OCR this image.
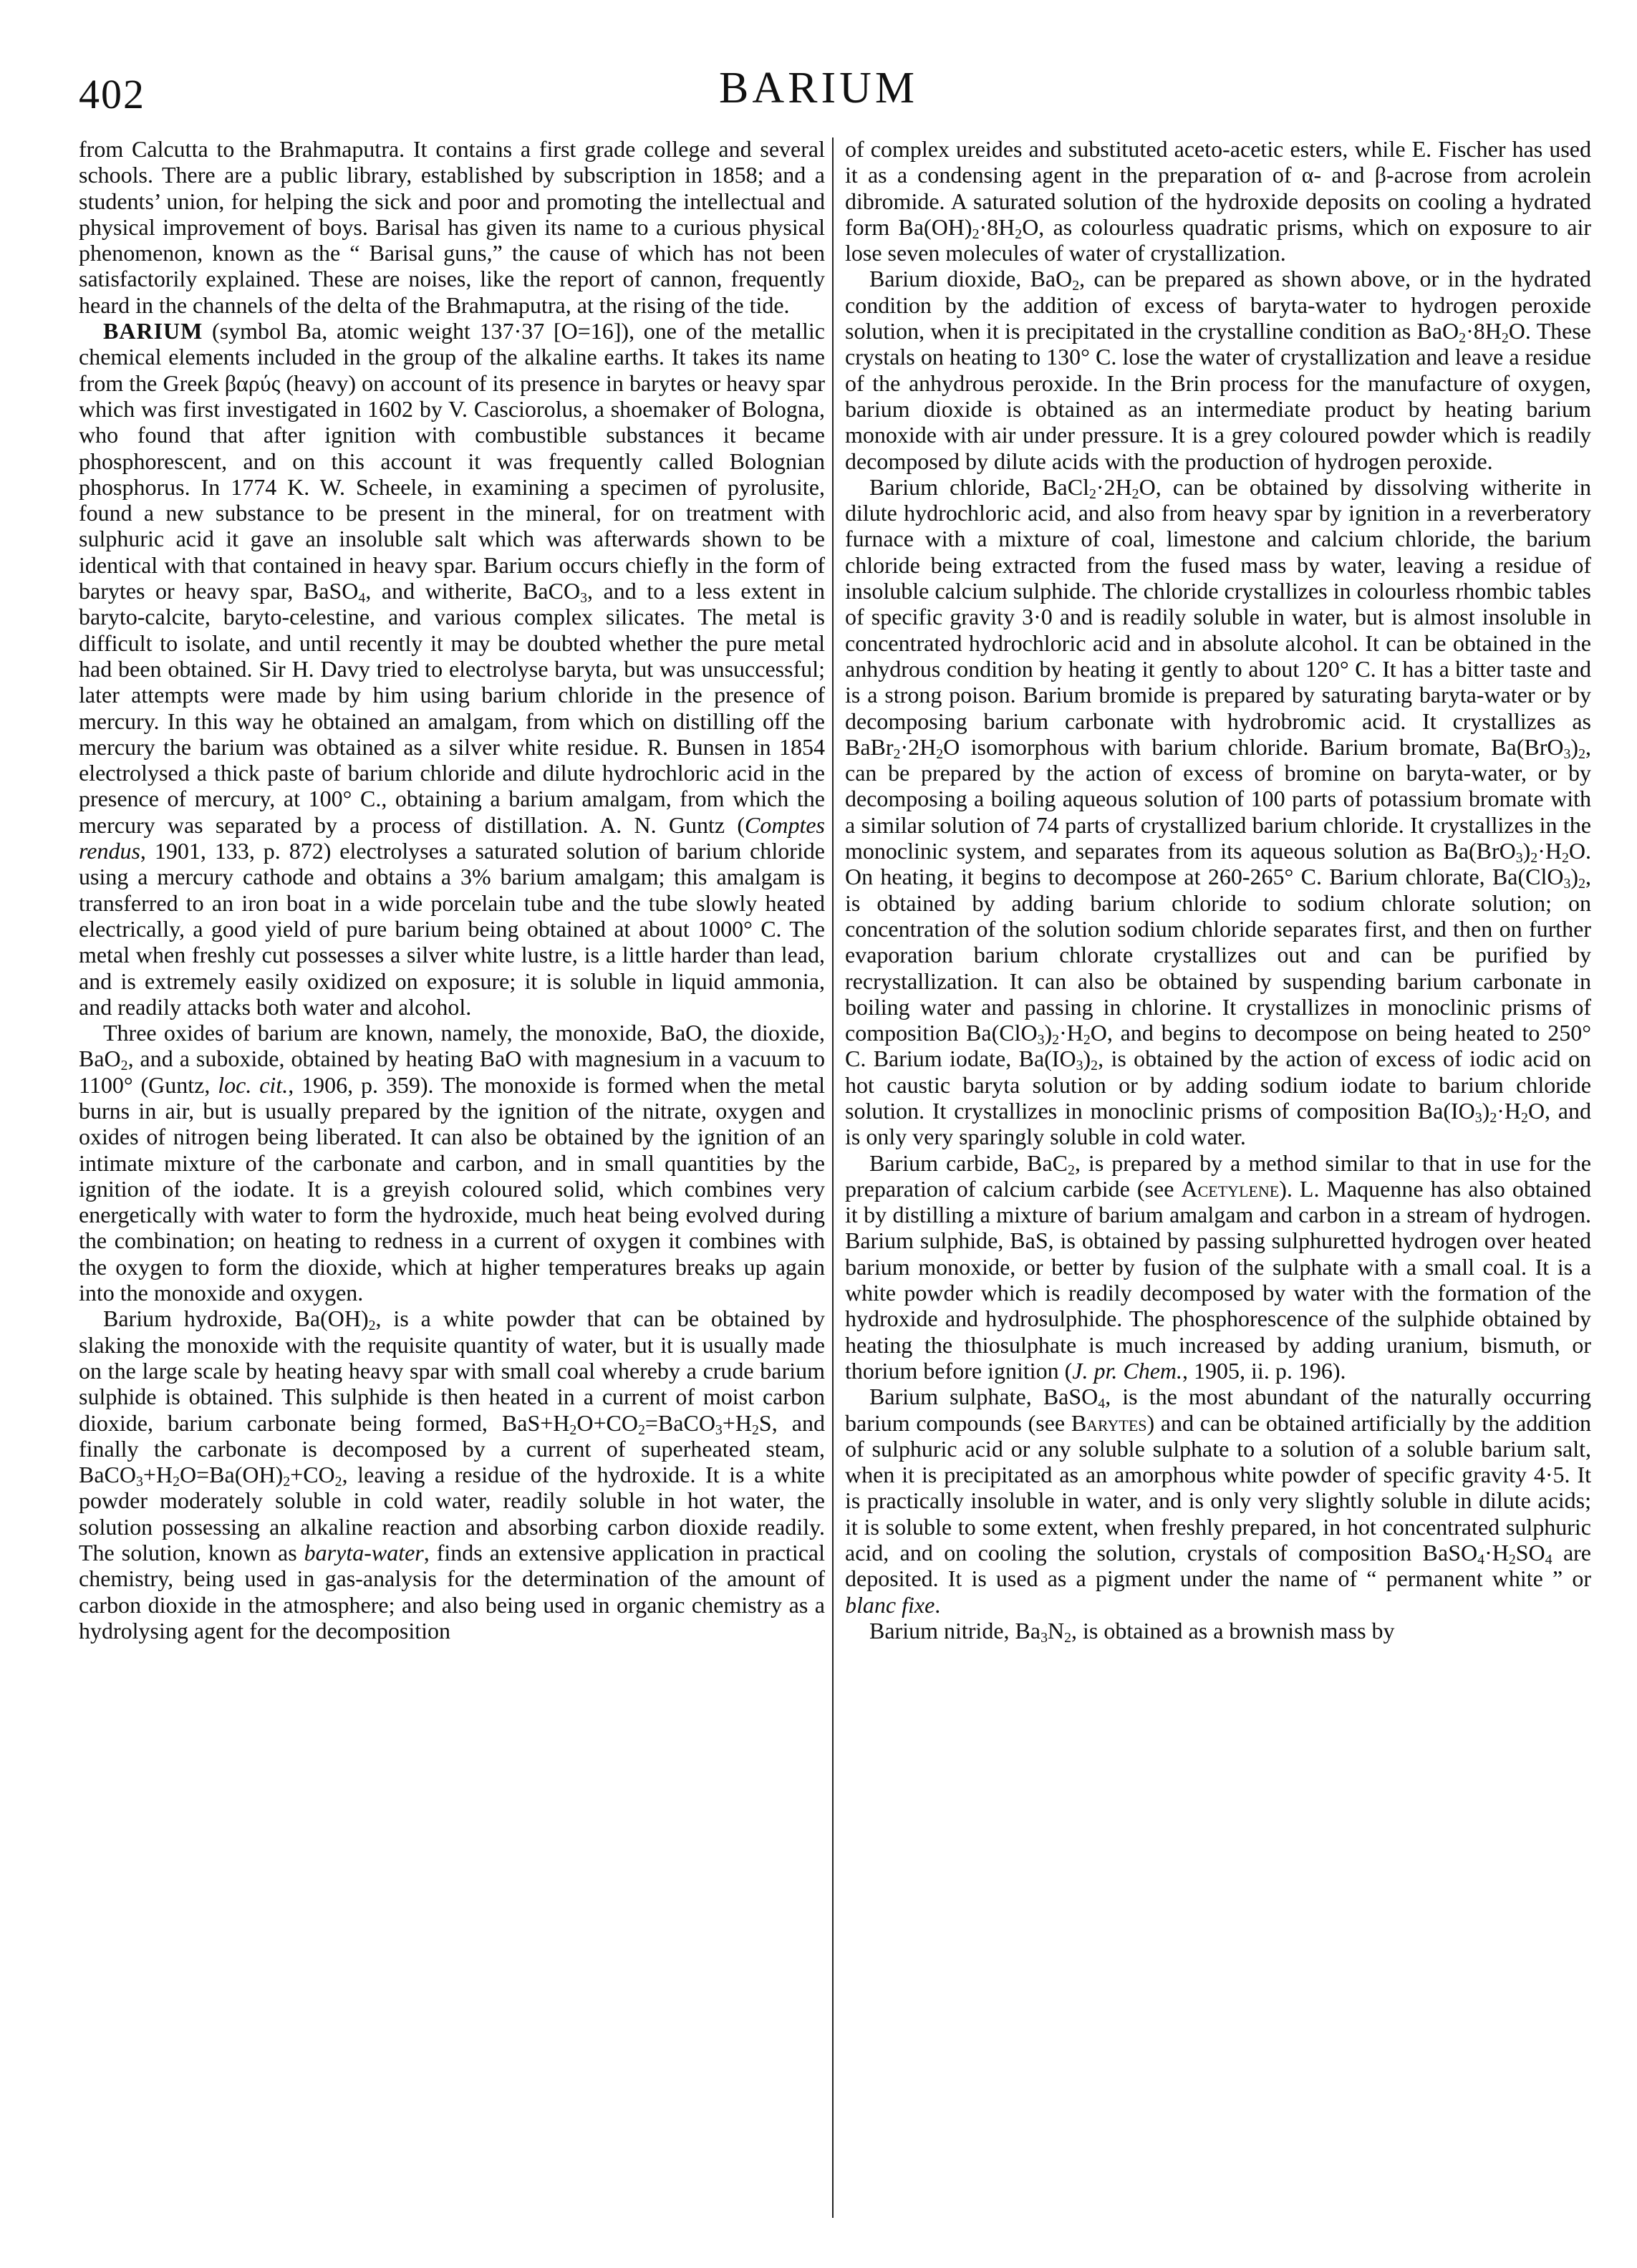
402	BARIUM

from Calcutta to the Brahmaputra. It contains a first grade college and several schools. There are a public library, established by subscription in 1858; and a students’ union, for helping the sick and poor and promoting the intellectual and physical improvement of boys. Barisal has given its name to a curious physical phenomenon, known as the “ Barisal guns,” the cause of which has not been satisfactorily explained. These are noises, like the report of cannon, frequently heard in the channels of the delta of the Brahmaputra, at the rising of the tide.

BARIUM (symbol Ba, atomic weight 137·37 [O=16]), one of the metallic chemical elements included in the group of the alkaline earths. It takes its name from the Greek βαρύς (heavy) on account of its presence in barytes or heavy spar which was first investigated in 1602 by V. Casciorolus, a shoemaker of Bologna, who found that after ignition with combustible substances it became phosphorescent, and on this account it was frequently called Bolognian phosphorus. In 1774 K. W. Scheele, in examining a specimen of pyrolusite, found a new substance to be present in the mineral, for on treatment with sulphuric acid it gave an insoluble salt which was afterwards shown to be identical with that contained in heavy spar. Barium occurs chiefly in the form of barytes or heavy spar, BaSO$_4$, and witherite, BaCO$_3$, and to a less extent in baryto-calcite, baryto-celestine, and various complex silicates. The metal is difficult to isolate, and until recently it may be doubted whether the pure metal had been obtained. Sir H. Davy tried to electrolyse baryta, but was unsuccessful; later attempts were made by him using barium chloride in the presence of mercury. In this way he obtained an amalgam, from which on distilling off the mercury the barium was obtained as a silver white residue. R. Bunsen in 1854 electrolysed a thick paste of barium chloride and dilute hydrochloric acid in the presence of mercury, at 100° C., obtaining a barium amalgam, from which the mercury was separated by a process of distillation. A. N. Guntz (Comptes rendus, 1901, 133, p. 872) electrolyses a saturated solution of barium chloride using a mercury cathode and obtains a 3% barium amalgam; this amalgam is transferred to an iron boat in a wide porcelain tube and the tube slowly heated electrically, a good yield of pure barium being obtained at about 1000° C. The metal when freshly cut possesses a silver white lustre, is a little harder than lead, and is extremely easily oxidized on exposure; it is soluble in liquid ammonia, and readily attacks both water and alcohol.

Three oxides of barium are known, namely, the monoxide, BaO, the dioxide, BaO$_2$, and a suboxide, obtained by heating BaO with magnesium in a vacuum to 1100° (Guntz, loc. cit., 1906, p. 359). The monoxide is formed when the metal burns in air, but is usually prepared by the ignition of the nitrate, oxygen and oxides of nitrogen being liberated. It can also be obtained by the ignition of an intimate mixture of the carbonate and carbon, and in small quantities by the ignition of the iodate. It is a greyish coloured solid, which combines very energetically with water to form the hydroxide, much heat being evolved during the combination; on heating to redness in a current of oxygen it combines with the oxygen to form the dioxide, which at higher temperatures breaks up again into the monoxide and oxygen.

Barium hydroxide, $Ba(OH)_2$, is a white powder that can be obtained by slaking the monoxide with the requisite quantity of water, but it is usually made on the large scale by heating heavy spar with small coal whereby a crude barium sulphide is obtained. This sulphide is then heated in a current of moist carbon dioxide, barium carbonate being formed, $BaS+H_2O+CO_2=BaCO_3+H_2S$, and finally the carbonate is decomposed by a current of superheated steam, $BaCO_3+H_2O=Ba(OH)_2+CO_2$, leaving a residue of the hydroxide. It is a white powder moderately soluble in cold water, readily soluble in hot water, the solution possessing an alkaline reaction and absorbing carbon dioxide readily. The solution, known as baryta-water, finds an extensive application in practical chemistry, being used in gas-analysis for the determination of the amount of carbon dioxide in the atmosphere; and also being used in organic chemistry as a hydrolysing agent for the decomposition

of complex ureides and substituted aceto-acetic esters, while E. Fischer has used it as a condensing agent in the preparation of α- and β-acrose from acrolein dibromide. A saturated solution of the hydroxide deposits on cooling a hydrated form $Ba(OH)_2\cdot 8H_2O$, as colourless quadratic prisms, which on exposure to air lose seven molecules of water of crystallization.

Barium dioxide, BaO$_2$, can be prepared as shown above, or in the hydrated condition by the addition of excess of baryta-water to hydrogen peroxide solution, when it is precipitated in the crystalline condition as $BaO_2\cdot 8H_2O$. These crystals on heating to 130° C. lose the water of crystallization and leave a residue of the anhydrous peroxide. In the Brin process for the manufacture of oxygen, barium dioxide is obtained as an intermediate product by heating barium monoxide with air under pressure. It is a grey coloured powder which is readily decomposed by dilute acids with the production of hydrogen peroxide.

Barium chloride, $BaCl_2\cdot 2H_2O$, can be obtained by dissolving witherite in dilute hydrochloric acid, and also from heavy spar by ignition in a reverberatory furnace with a mixture of coal, limestone and calcium chloride, the barium chloride being extracted from the fused mass by water, leaving a residue of insoluble calcium sulphide. The chloride crystallizes in colourless rhombic tables of specific gravity 3·0 and is readily soluble in water, but is almost insoluble in concentrated hydrochloric acid and in absolute alcohol. It can be obtained in the anhydrous condition by heating it gently to about 120° C. It has a bitter taste and is a strong poison. Barium bromide is prepared by saturating baryta-water or by decomposing barium carbonate with hydrobromic acid. It crystallizes as $BaBr_2\cdot 2H_2O$ isomorphous with barium chloride. Barium bromate, $Ba(BrO_3)_2$, can be prepared by the action of excess of bromine on baryta-water, or by decomposing a boiling aqueous solution of 100 parts of potassium bromate with a similar solution of 74 parts of crystallized barium chloride. It crystallizes in the monoclinic system, and separates from its aqueous solution as $Ba(BrO_3)_2\cdot H_2O$. On heating, it begins to decompose at 260-265° C. Barium chlorate, $Ba(ClO_3)_2$, is obtained by adding barium chloride to sodium chlorate solution; on concentration of the solution sodium chloride separates first, and then on further evaporation barium chlorate crystallizes out and can be purified by recrystallization. It can also be obtained by suspending barium carbonate in boiling water and passing in chlorine. It crystallizes in monoclinic prisms of composition $Ba(ClO_3)_2\cdot H_2O$, and begins to decompose on being heated to 250° C. Barium iodate, $Ba(IO_3)_2$, is obtained by the action of excess of iodic acid on hot caustic baryta solution or by adding sodium iodate to barium chloride solution. It crystallizes in monoclinic prisms of composition $Ba(IO_3)_2\cdot H_2O$, and is only very sparingly soluble in cold water.

Barium carbide, BaC$_2$, is prepared by a method similar to that in use for the preparation of calcium carbide (see Acetylene). L. Maquenne has also obtained it by distilling a mixture of barium amalgam and carbon in a stream of hydrogen. Barium sulphide, BaS, is obtained by passing sulphuretted hydrogen over heated barium monoxide, or better by fusion of the sulphate with a small coal. It is a white powder which is readily decomposed by water with the formation of the hydroxide and hydrosulphide. The phosphorescence of the sulphide obtained by heating the thiosulphate is much increased by adding uranium, bismuth, or thorium before ignition (J. pr. Chem., 1905, ii. p. 196).

Barium sulphate, BaSO$_4$, is the most abundant of the naturally occurring barium compounds (see Barytes) and can be obtained artificially by the addition of sulphuric acid or any soluble sulphate to a solution of a soluble barium salt, when it is precipitated as an amorphous white powder of specific gravity 4·5. It is practically insoluble in water, and is only very slightly soluble in dilute acids; it is soluble to some extent, when freshly prepared, in hot concentrated sulphuric acid, and on cooling the solution, crystals of composition $BaSO_4\cdot H_2SO_4$ are deposited. It is used as a pigment under the name of “ permanent white ” or blanc fixe.

Barium nitride, $Ba_3N_2$, is obtained as a brownish mass by
